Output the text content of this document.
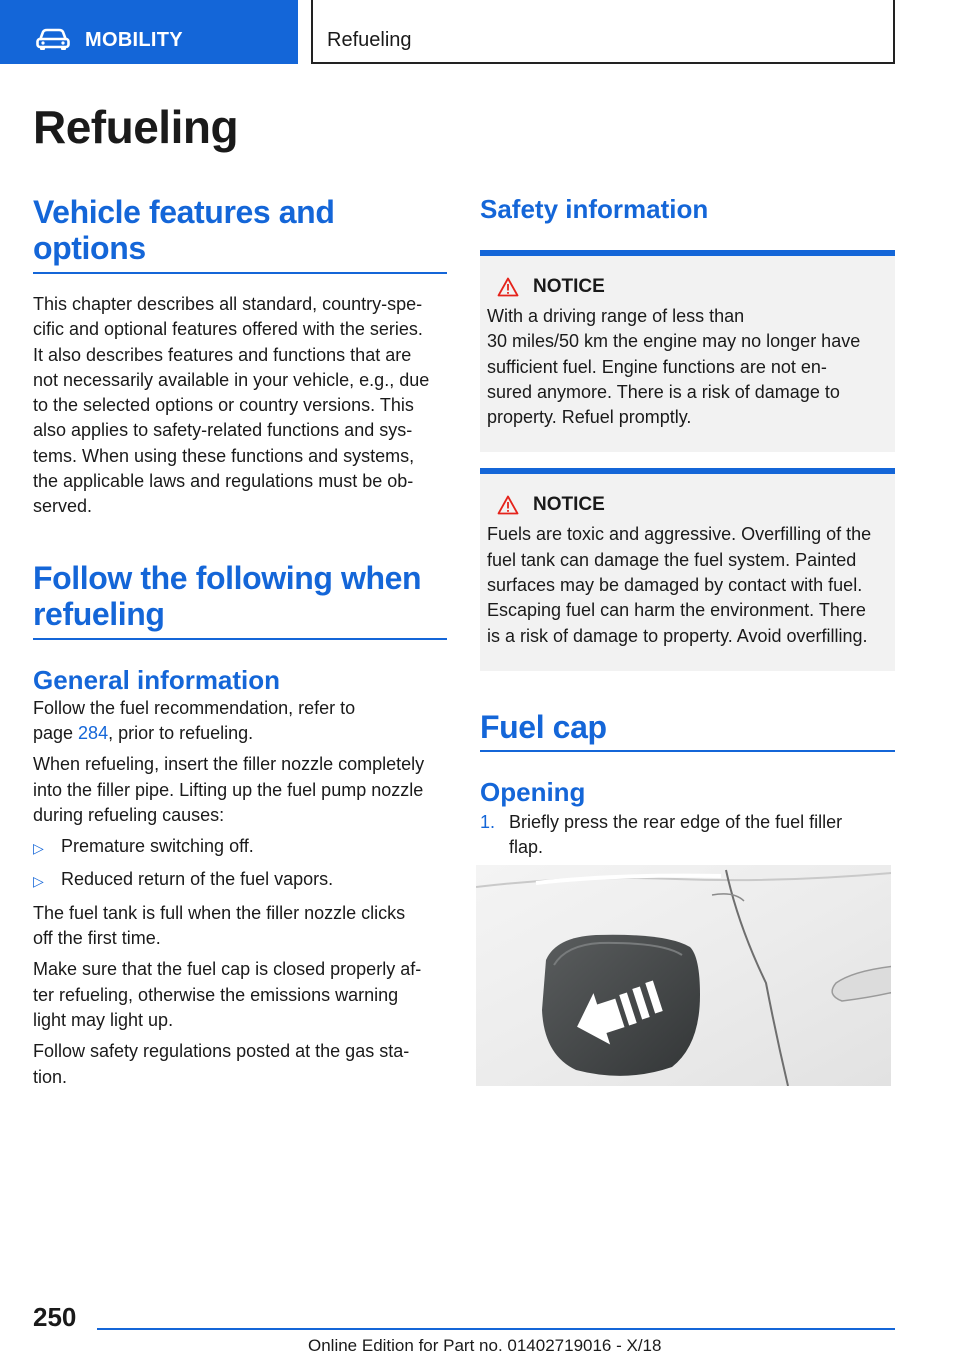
MOBILITY	Refueling
Refueling
Vehicle features and
options
This chapter describes all standard, country-spe-
cific and optional features offered with the series.
It also describes features and functions that are
not necessarily available in your vehicle, e.g., due
to the selected options or country versions. This
also applies to safety-related functions and sys-
tems. When using these functions and systems,
the applicable laws and regulations must be ob-
served.
Follow the following when
refueling
General information
Follow the fuel recommendation, refer to
page 284, prior to refueling.
When refueling, insert the filler nozzle completely
into the filler pipe. Lifting up the fuel pump nozzle
during refueling causes:
▷ Premature switching off.
▷ Reduced return of the fuel vapors.
The fuel tank is full when the filler nozzle clicks
off the first time.
Make sure that the fuel cap is closed properly af-
ter refueling, otherwise the emissions warning
light may light up.
Follow safety regulations posted at the gas sta-
tion.
Safety information
NOTICE
With a driving range of less than
30 miles/50 km the engine may no longer have
sufficient fuel. Engine functions are not en-
sured anymore. There is a risk of damage to
property. Refuel promptly.
NOTICE
Fuels are toxic and aggressive. Overfilling of the
fuel tank can damage the fuel system. Painted
surfaces may be damaged by contact with fuel.
Escaping fuel can harm the environment. There
is a risk of damage to property. Avoid overfilling.
Fuel cap
Opening
1. Briefly press the rear edge of the fuel filler
flap.
250
Online Edition for Part no. 01402719016 - X/18
